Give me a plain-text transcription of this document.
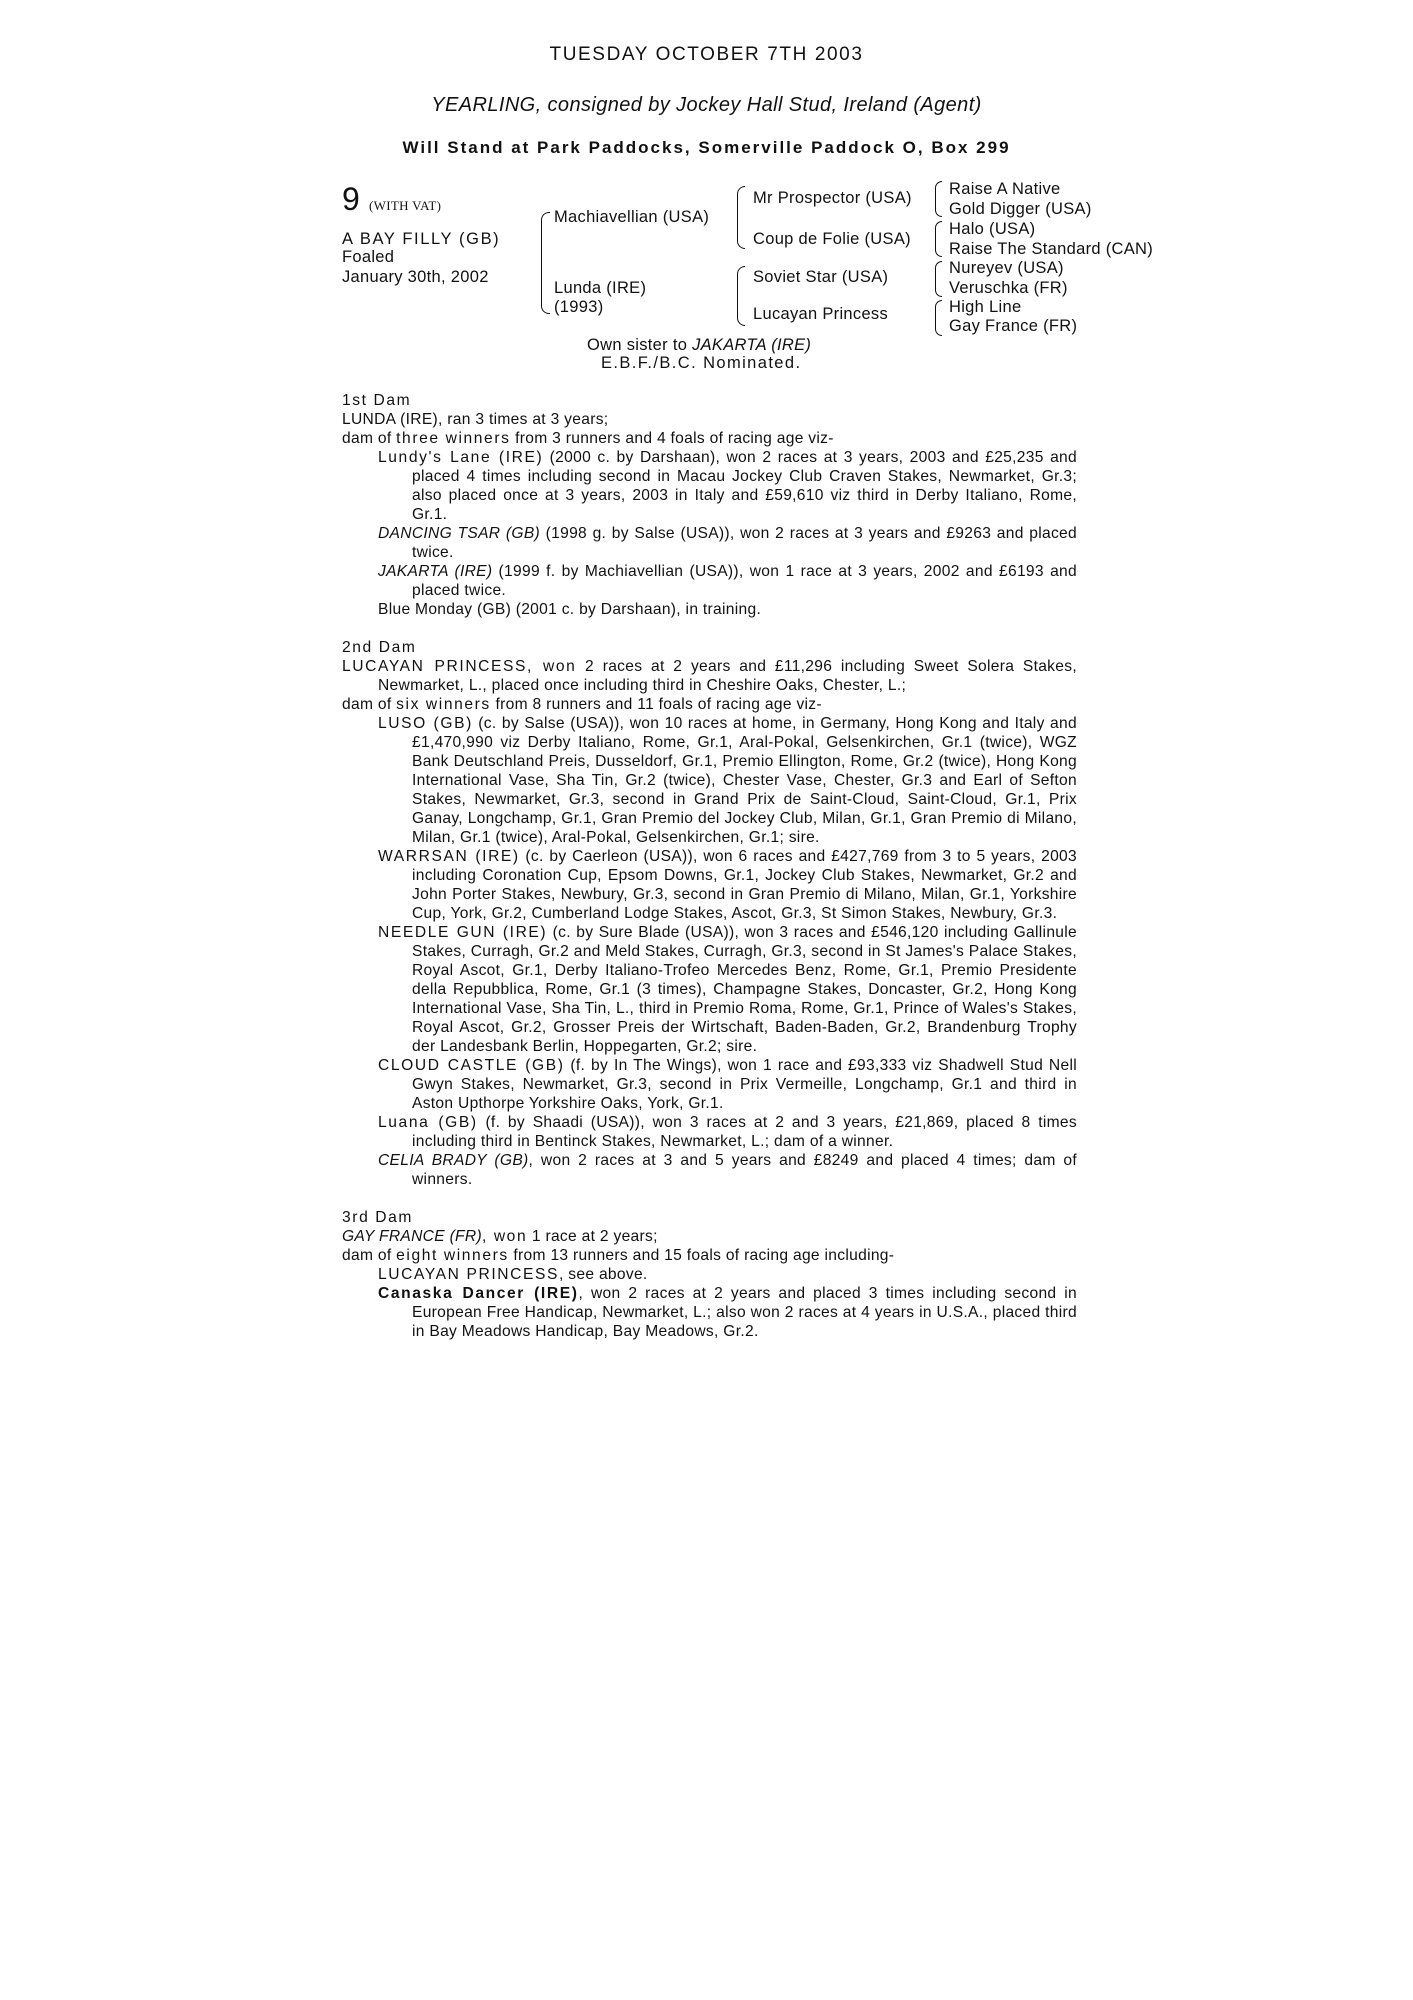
TUESDAY OCTOBER 7TH 2003
YEARLING, consigned by Jockey Hall Stud, Ireland (Agent)
Will Stand at Park Paddocks, Somerville Paddock O, Box 299
9 (WITH VAT)
A BAY FILLY (GB)
Foaled
January 30th, 2002
Machiavellian (USA)
Lunda (IRE)
(1993)
Mr Prospector (USA)
Coup de Folie (USA)
Soviet Star (USA)
Lucayan Princess
Raise A Native
Gold Digger (USA)
Halo (USA)
Raise The Standard (CAN)
Nureyev (USA)
Veruschka (FR)
High Line
Gay France (FR)
Own sister to JAKARTA (IRE)
E.B.F./B.C. Nominated.

1st Dam

LUNDA (IRE), ran 3 times at 3 years;

dam of three winners from 3 runners and 4 foals of racing age viz-

Lundy's Lane (IRE) (2000 c. by Darshaan), won 2 races at 3 years, 2003 and £25,235 and placed 4 times including second in Macau Jockey Club Craven Stakes, Newmarket, Gr.3; also placed once at 3 years, 2003 in Italy and £59,610 viz third in Derby Italiano, Rome, Gr.1.

DANCING TSAR (GB) (1998 g. by Salse (USA)), won 2 races at 3 years and £9263 and placed twice.

JAKARTA (IRE) (1999 f. by Machiavellian (USA)), won 1 race at 3 years, 2002 and £6193 and placed twice.

Blue Monday (GB) (2001 c. by Darshaan), in training.

2nd Dam

LUCAYAN PRINCESS, won 2 races at 2 years and £11,296 including Sweet Solera Stakes, Newmarket, L., placed once including third in Cheshire Oaks, Chester, L.;

dam of six winners from 8 runners and 11 foals of racing age viz-

LUSO (GB) (c. by Salse (USA)), won 10 races at home, in Germany, Hong Kong and Italy and £1,470,990 viz Derby Italiano, Rome, Gr.1, Aral-Pokal, Gelsenkirchen, Gr.1 (twice), WGZ Bank Deutschland Preis, Dusseldorf, Gr.1, Premio Ellington, Rome, Gr.2 (twice), Hong Kong International Vase, Sha Tin, Gr.2 (twice), Chester Vase, Chester, Gr.3 and Earl of Sefton Stakes, Newmarket, Gr.3, second in Grand Prix de Saint-Cloud, Saint-Cloud, Gr.1, Prix Ganay, Longchamp, Gr.1, Gran Premio del Jockey Club, Milan, Gr.1, Gran Premio di Milano, Milan, Gr.1 (twice), Aral-Pokal, Gelsenkirchen, Gr.1; sire.

WARRSAN (IRE) (c. by Caerleon (USA)), won 6 races and £427,769 from 3 to 5 years, 2003 including Coronation Cup, Epsom Downs, Gr.1, Jockey Club Stakes, Newmarket, Gr.2 and John Porter Stakes, Newbury, Gr.3, second in Gran Premio di Milano, Milan, Gr.1, Yorkshire Cup, York, Gr.2, Cumberland Lodge Stakes, Ascot, Gr.3, St Simon Stakes, Newbury, Gr.3.

NEEDLE GUN (IRE) (c. by Sure Blade (USA)), won 3 races and £546,120 including Gallinule Stakes, Curragh, Gr.2 and Meld Stakes, Curragh, Gr.3, second in St James's Palace Stakes, Royal Ascot, Gr.1, Derby Italiano-Trofeo Mercedes Benz, Rome, Gr.1, Premio Presidente della Repubblica, Rome, Gr.1 (3 times), Champagne Stakes, Doncaster, Gr.2, Hong Kong International Vase, Sha Tin, L., third in Premio Roma, Rome, Gr.1, Prince of Wales's Stakes, Royal Ascot, Gr.2, Grosser Preis der Wirtschaft, Baden-Baden, Gr.2, Brandenburg Trophy der Landesbank Berlin, Hoppegarten, Gr.2; sire.

CLOUD CASTLE (GB) (f. by In The Wings), won 1 race and £93,333 viz Shadwell Stud Nell Gwyn Stakes, Newmarket, Gr.3, second in Prix Vermeille, Longchamp, Gr.1 and third in Aston Upthorpe Yorkshire Oaks, York, Gr.1.

Luana (GB) (f. by Shaadi (USA)), won 3 races at 2 and 3 years, £21,869, placed 8 times including third in Bentinck Stakes, Newmarket, L.; dam of a winner.

CELIA BRADY (GB), won 2 races at 3 and 5 years and £8249 and placed 4 times; dam of winners.

3rd Dam

GAY FRANCE (FR), won 1 race at 2 years;

dam of eight winners from 13 runners and 15 foals of racing age including-

LUCAYAN PRINCESS, see above.

Canaska Dancer (IRE), won 2 races at 2 years and placed 3 times including second in European Free Handicap, Newmarket, L.; also won 2 races at 4 years in U.S.A., placed third in Bay Meadows Handicap, Bay Meadows, Gr.2.
